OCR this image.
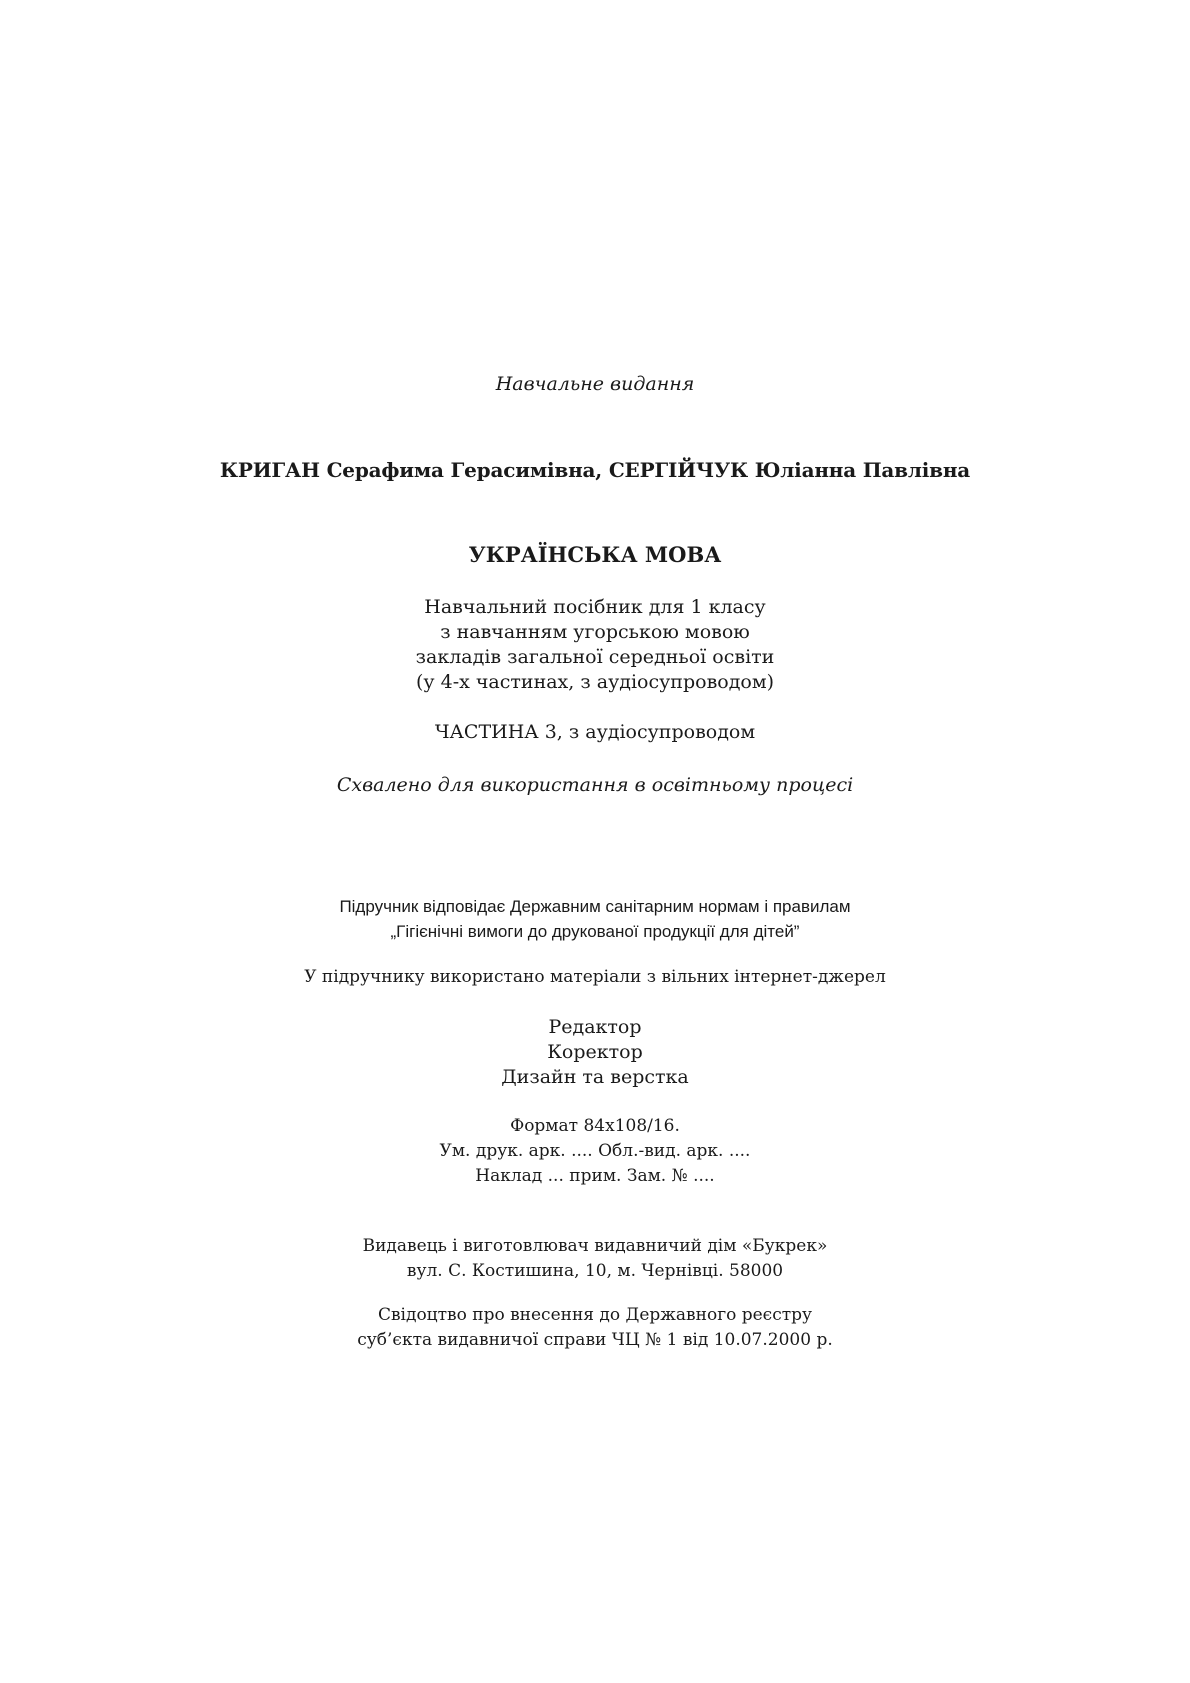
Навчальне видання
КРИГАН Серафима Герасимівна, СЕРГІЙЧУК Юліанна Павлівна
УКРАЇНСЬКА МОВА
Навчальний посібник для 1 класу
з навчанням угорською мовою
закладів загальної середньої освіти
(у 4-х частинах, з аудіосупроводом)
ЧАСТИНА 3, з аудіосупроводом
Схвалено для використання в освітньому процесі
Підручник відповідає Державним санітарним нормам і правилам
„Гігієнічні вимоги до друкованої продукції для дітей”
У підручнику використано матеріали з вільних інтернет-джерел
Редактор
Коректор
Дизайн та верстка
Формат 84х108/16.
Ум. друк. арк. .... Обл.-вид. арк. ....
Наклад ... прим. Зам. № ....
Видавець і виготовлювач видавничий дім «Букрек»
вул. С. Костишина, 10, м. Чернівці. 58000
Свідоцтво про внесення до Державного реєстру
суб’єкта видавничої справи ЧЦ № 1 від 10.07.2000 р.
